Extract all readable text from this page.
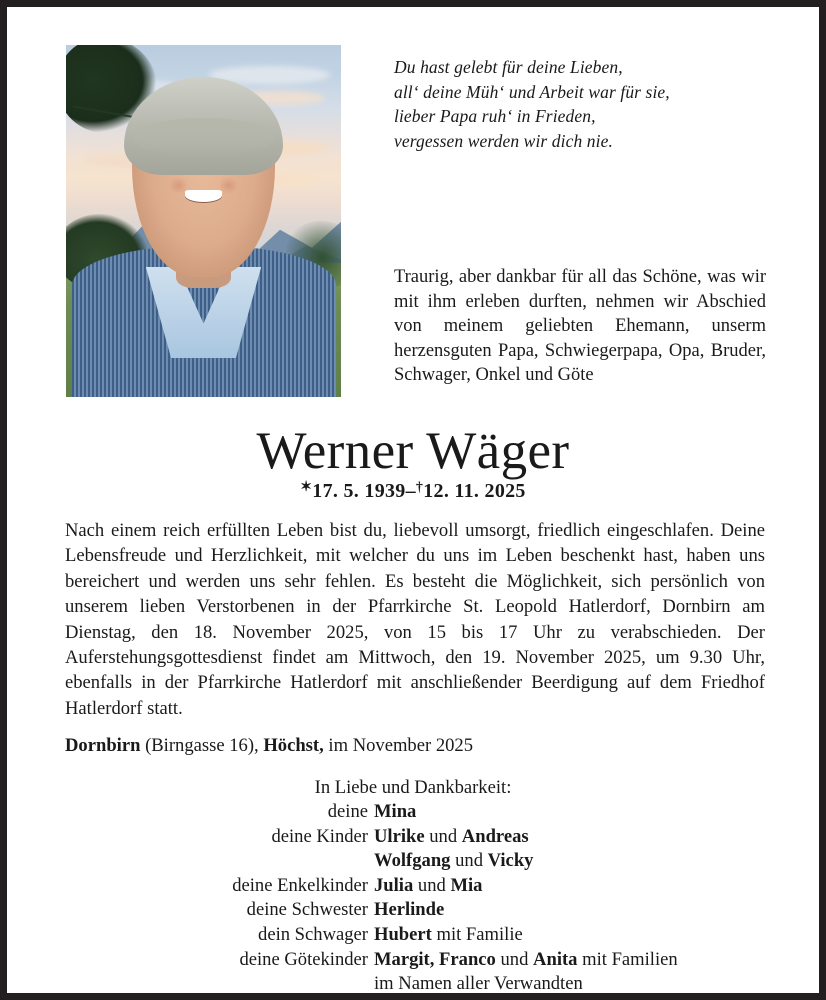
Du hast gelebt für deine Lieben,
all‘ deine Müh‘ und Arbeit war für sie,
lieber Papa ruh‘ in Frieden,
vergessen werden wir dich nie.
Traurig, aber dankbar für all das Schöne, was wir mit ihm erleben durften, nehmen wir Abschied von meinem geliebten Ehemann, unserm herzensguten Papa, Schwiegerpapa, Opa, Bruder, Schwager, Onkel und Göte
Werner Wäger
✶17. 5. 1939–†12. 11. 2025
Nach einem reich erfüllten Leben bist du, liebevoll umsorgt, friedlich eingeschlafen. Deine Lebensfreude und Herzlichkeit, mit welcher du uns im Leben beschenkt hast, haben uns bereichert und werden uns sehr fehlen. Es besteht die Möglichkeit, sich persönlich von unserem lieben Verstorbenen in der Pfarrkirche St. Leopold Hatlerdorf, Dornbirn am Dienstag, den 18. November 2025, von 15 bis 17 Uhr zu verabschieden. Der Auferstehungsgottesdienst findet am Mittwoch, den 19. November 2025, um 9.30 Uhr, ebenfalls in der Pfarrkirche Hatlerdorf mit anschließender Beerdigung auf dem Friedhof Hatlerdorf statt.
Dornbirn (Birngasse 16), Höchst, im November 2025
In Liebe und Dankbarkeit:
deine Mina
deine Kinder Ulrike und Andreas
Wolfgang und Vicky
deine Enkelkinder Julia und Mia
deine Schwester Herlinde
dein Schwager Hubert mit Familie
deine Götekinder Margit, Franco und Anita mit Familien
im Namen aller Verwandten
